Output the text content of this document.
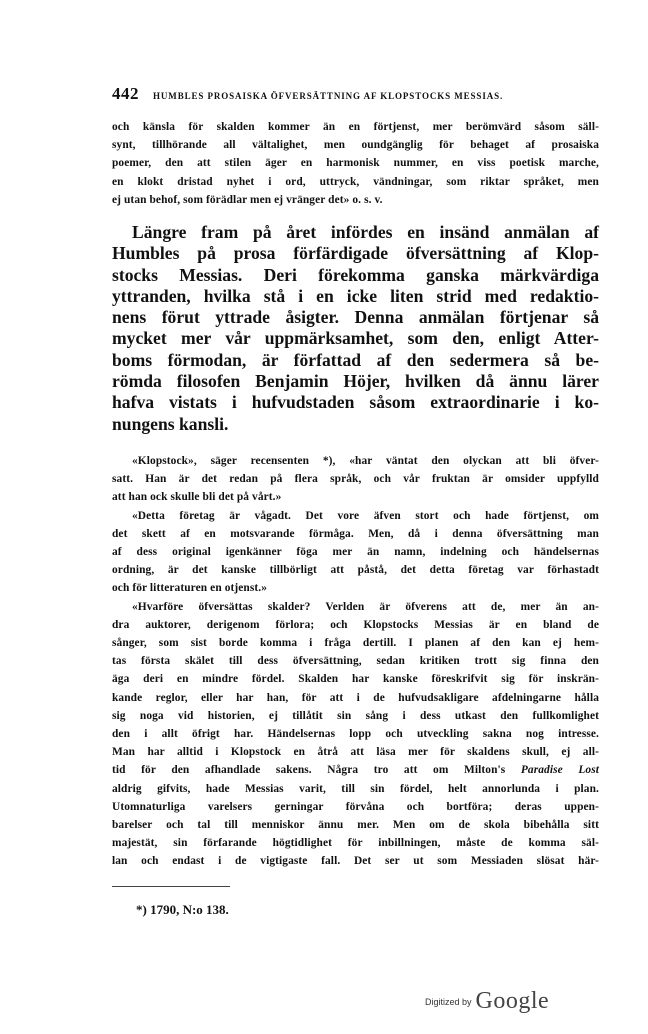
442 HUMBLES PROSAISKA ÖFVERSÄTTNING AF KLOPSTOCKS MESSIAS.
och känsla för skalden kommer än en förtjenst, mer berömvärd såsom säll-
synt, tillhörande all vältalighet, men oundgänglig för behaget af prosaiska
poemer, den att stilen äger en harmonisk nummer, en viss poetisk marche,
en klokt dristad nyhet i ord, uttryck, vändningar, som riktar språket, men
ej utan behof, som förädlar men ej vränger det» o. s. v.
Längre fram på året infördes en insänd anmälan af
Humbles på prosa förfärdigade öfversättning af Klop-
stocks Messias. Deri förekomma ganska märkvärdiga
yttranden, hvilka stå i en icke liten strid med redaktio-
nens förut yttrade åsigter. Denna anmälan förtjenar så
mycket mer vår uppmärksamhet, som den, enligt Atter-
boms förmodan, är författad af den sedermera så be-
römda filosofen Benjamin Höjer, hvilken då ännu lärer
hafva vistats i hufvudstaden såsom extraordinarie i ko-
nungens kansli.
«Klopstock», säger recensenten *), «har väntat den olyckan att bli öfver-
satt. Han är det redan på flera språk, och vår fruktan är omsider uppfylld
att han ock skulle bli det på vårt.»
«Detta företag är vågadt. Det vore äfven stort och hade förtjenst, om
det skett af en motsvarande förmåga. Men, då i denna öfversättning man
af dess original igenkänner föga mer än namn, indelning och händelsernas
ordning, är det kanske tillbörligt att påstå, det detta företag var förhastadt
och för litteraturen en otjenst.»
«Hvarföre öfversättas skalder? Verlden är öfverens att de, mer än an-
dra auktorer, derigenom förlora; och Klopstocks Messias är en bland de
sånger, som sist borde komma i fråga dertill. I planen af den kan ej hem-
tas första skälet till dess öfversättning, sedan kritiken trott sig finna den
äga deri en mindre fördel. Skalden har kanske föreskrifvit sig för inskrän-
kande reglor, eller har han, för att i de hufvudsakligare afdelningarne hålla
sig noga vid historien, ej tillåtit sin sång i dess utkast den fullkomlighet
den i allt öfrigt har. Händelsernas lopp och utveckling sakna nog intresse.
Man har alltid i Klopstock en åtrå att läsa mer för skaldens skull, ej all-
tid för den afhandlade sakens. Några tro att om Milton's Paradise Lost
aldrig gifvits, hade Messias varit, till sin fördel, helt annorlunda i plan.
Utomnaturliga varelsers gerningar förvåna och bortföra; deras uppen-
barelser och tal till menniskor ännu mer. Men om de skola bibehålla sitt
majestät, sin förfarande högtidlighet för inbillningen, måste de komma säl-
lan och endast i de vigtigaste fall. Det ser ut som Messiaden slösat här-
*) 1790, N:o 138.
Digitized by Google
